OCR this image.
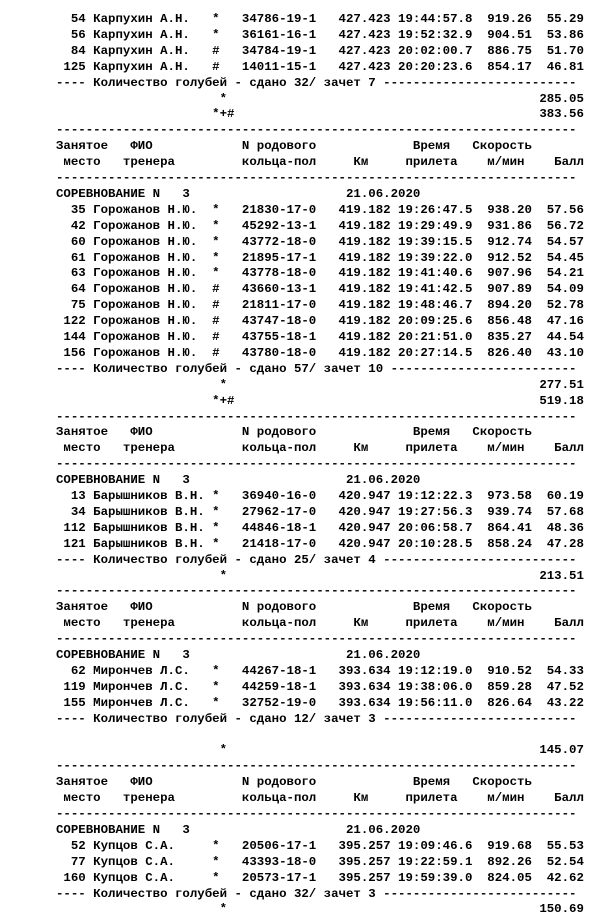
54 Карпухин А.Н.   *   34786-19-1   427.423 19:44:57.8  919.26  55.29
56 Карпухин А.Н.   *   36161-16-1   427.423 19:52:32.9  904.51  53.86
84 Карпухин А.Н.   #   34784-19-1   427.423 20:02:00.7  886.75  51.70
125 Карпухин А.Н.   #   14011-15-1   427.423 20:20:23.6  854.17  46.81
---- Количество голубей - сдано 32/ зачет 7 --------------------------
*                                          285.05
*+#                                         383.56
----------------------------------------------------------------------
Занятое   ФИО            N родового             Время   Скорость
место   тренера         кольца-пол     Км     прилета    м/мин    Балл
----------------------------------------------------------------------
СОРЕВНОВАНИЕ N   3                     21.06.2020
35 Горожанов Н.Ю.  *   21830-17-0   419.182 19:26:47.5  938.20  57.56
42 Горожанов Н.Ю.  *   45292-13-1   419.182 19:29:49.9  931.86  56.72
60 Горожанов Н.Ю.  *   43772-18-0   419.182 19:39:15.5  912.74  54.57
61 Горожанов Н.Ю.  *   21895-17-1   419.182 19:39:22.0  912.52  54.45
63 Горожанов Н.Ю.  *   43778-18-0   419.182 19:41:40.6  907.96  54.21
64 Горожанов Н.Ю.  #   43660-13-1   419.182 19:41:42.5  907.89  54.09
75 Горожанов Н.Ю.  #   21811-17-0   419.182 19:48:46.7  894.20  52.78
122 Горожанов Н.Ю.  #   43747-18-0   419.182 20:09:25.6  856.48  47.16
144 Горожанов Н.Ю.  #   43755-18-1   419.182 20:21:51.0  835.27  44.54
156 Горожанов Н.Ю.  #   43780-18-0   419.182 20:27:14.5  826.40  43.10
---- Количество голубей - сдано 57/ зачет 10 -------------------------
*                                          277.51
*+#                                         519.18
----------------------------------------------------------------------
Занятое   ФИО            N родового             Время   Скорость
место   тренера         кольца-пол     Км     прилета    м/мин    Балл
----------------------------------------------------------------------
СОРЕВНОВАНИЕ N   3                     21.06.2020
13 Барышников В.Н. *   36940-16-0   420.947 19:12:22.3  973.58  60.19
34 Барышников В.Н. *   27962-17-0   420.947 19:27:56.3  939.74  57.68
112 Барышников В.Н. *   44846-18-1   420.947 20:06:58.7  864.41  48.36
121 Барышников В.Н. *   21418-17-0   420.947 20:10:28.5  858.24  47.28
---- Количество голубей - сдано 25/ зачет 4 --------------------------
*                                          213.51
----------------------------------------------------------------------
Занятое   ФИО            N родового             Время   Скорость
место   тренера         кольца-пол     Км     прилета    м/мин    Балл
----------------------------------------------------------------------
СОРЕВНОВАНИЕ N   3                     21.06.2020
62 Мирончев Л.С.   *   44267-18-1   393.634 19:12:19.0  910.52  54.33
119 Мирончев Л.С.   *   44259-18-1   393.634 19:38:06.0  859.28  47.52
155 Мирончев Л.С.   *   32752-19-0   393.634 19:56:11.0  826.64  43.22
---- Количество голубей - сдано 12/ зачет 3 --------------------------
*                                          145.07
----------------------------------------------------------------------
Занятое   ФИО            N родового             Время   Скорость
место   тренера         кольца-пол     Км     прилета    м/мин    Балл
----------------------------------------------------------------------
СОРЕВНОВАНИЕ N   3                     21.06.2020
52 Купцов С.А.     *   20506-17-1   395.257 19:09:46.6  919.68  55.53
77 Купцов С.А.     *   43393-18-0   395.257 19:22:59.1  892.26  52.54
160 Купцов С.А.     *   20573-17-1   395.257 19:59:39.0  824.05  42.62
---- Количество голубей - сдано 32/ зачет 3 --------------------------
*                                          150.69
